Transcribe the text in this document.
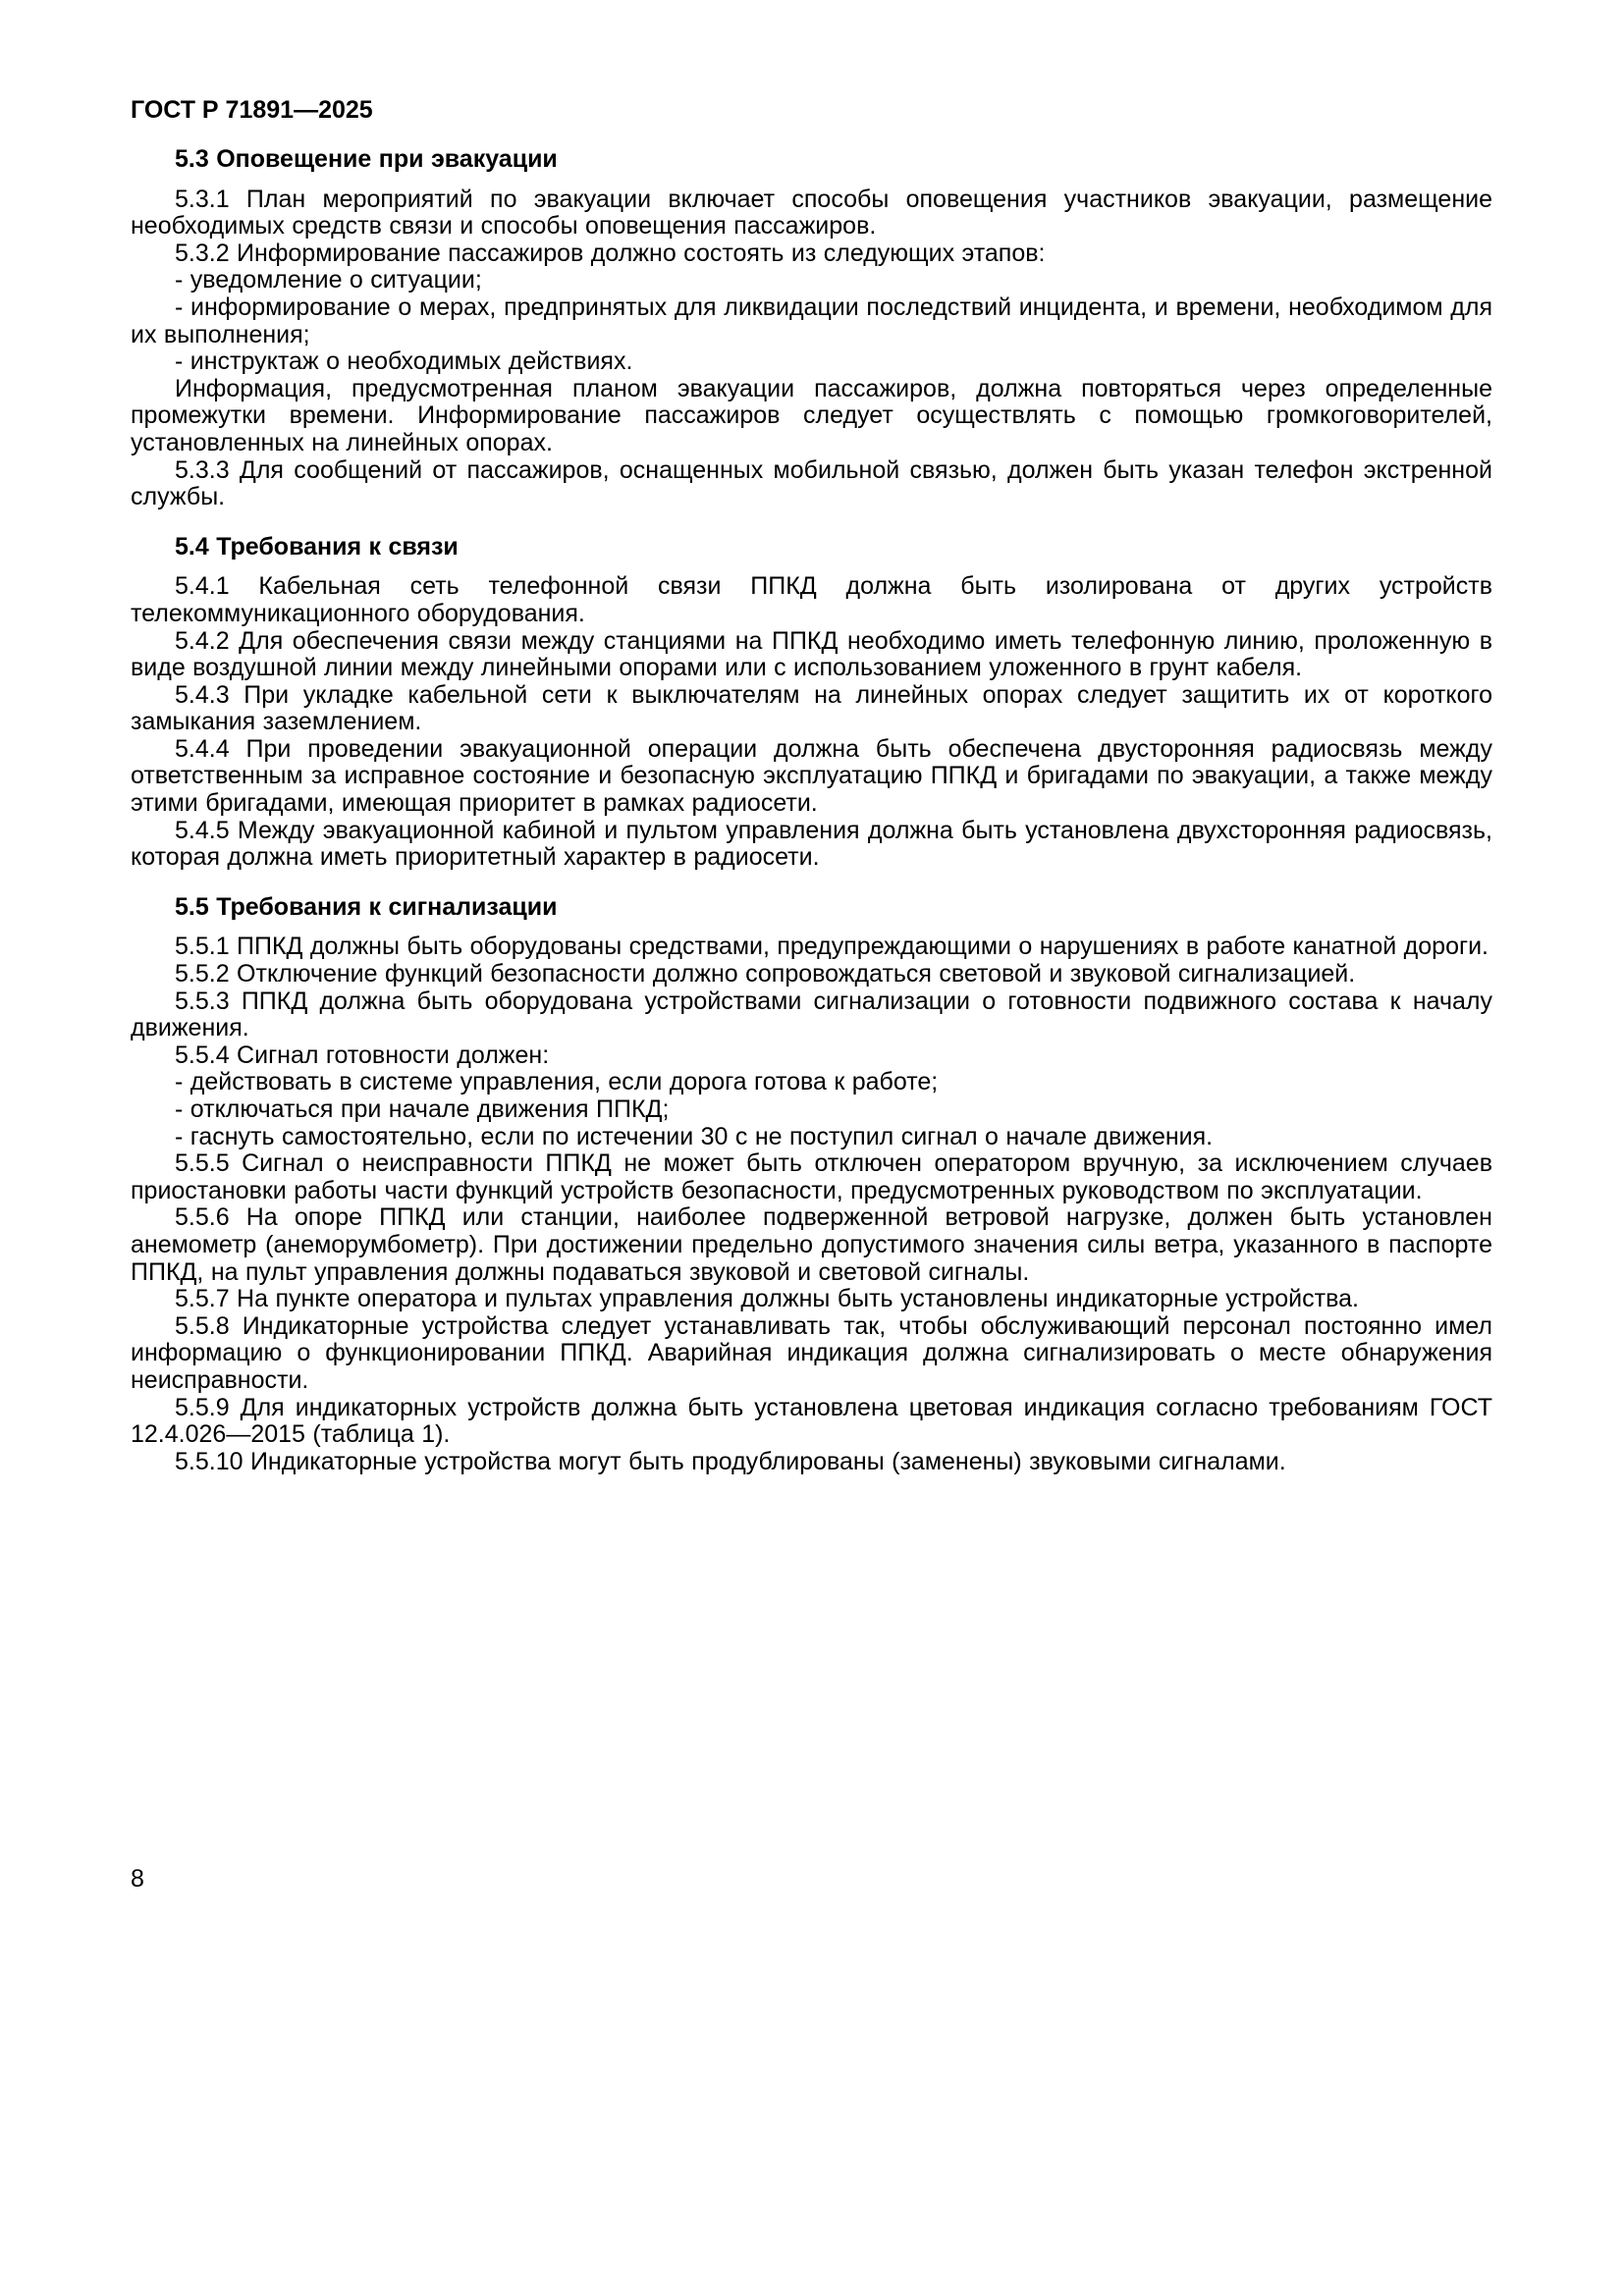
ГОСТ Р 71891—2025

5.3 Оповещение при эвакуации

5.3.1 План мероприятий по эвакуации включает способы оповещения участников эвакуации, размещение необходимых средств связи и способы оповещения пассажиров.

5.3.2 Информирование пассажиров должно состоять из следующих этапов:

- уведомление о ситуации;

- информирование о мерах, предпринятых для ликвидации последствий инцидента, и времени, необходимом для их выполнения;

- инструктаж о необходимых действиях.

Информация, предусмотренная планом эвакуации пассажиров, должна повторяться через определенные промежутки времени. Информирование пассажиров следует осуществлять с помощью громкоговорителей, установленных на линейных опорах.

5.3.3 Для сообщений от пассажиров, оснащенных мобильной связью, должен быть указан телефон экстренной службы.

5.4 Требования к связи

5.4.1 Кабельная сеть телефонной связи ППКД должна быть изолирована от других устройств телекоммуникационного оборудования.

5.4.2 Для обеспечения связи между станциями на ППКД необходимо иметь телефонную линию, проложенную в виде воздушной линии между линейными опорами или с использованием уложенного в грунт кабеля.

5.4.3 При укладке кабельной сети к выключателям на линейных опорах следует защитить их от короткого замыкания заземлением.

5.4.4 При проведении эвакуационной операции должна быть обеспечена двусторонняя радиосвязь между ответственным за исправное состояние и безопасную эксплуатацию ППКД и бригадами по эвакуации, а также между этими бригадами, имеющая приоритет в рамках радиосети.

5.4.5 Между эвакуационной кабиной и пультом управления должна быть установлена двухсторонняя радиосвязь, которая должна иметь приоритетный характер в радиосети.

5.5 Требования к сигнализации

5.5.1 ППКД должны быть оборудованы средствами, предупреждающими о нарушениях в работе канатной дороги.

5.5.2 Отключение функций безопасности должно сопровождаться световой и звуковой сигнализацией.

5.5.3 ППКД должна быть оборудована устройствами сигнализации о готовности подвижного состава к началу движения.

5.5.4 Сигнал готовности должен:

- действовать в системе управления, если дорога готова к работе;

- отключаться при начале движения ППКД;

- гаснуть самостоятельно, если по истечении 30 с не поступил сигнал о начале движения.

5.5.5 Сигнал о неисправности ППКД не может быть отключен оператором вручную, за исключением случаев приостановки работы части функций устройств безопасности, предусмотренных руководством по эксплуатации.

5.5.6 На опоре ППКД или станции, наиболее подверженной ветровой нагрузке, должен быть установлен анемометр (анеморумбометр). При достижении предельно допустимого значения силы ветра, указанного в паспорте ППКД, на пульт управления должны подаваться звуковой и световой сигналы.

5.5.7 На пункте оператора и пультах управления должны быть установлены индикаторные устройства.

5.5.8 Индикаторные устройства следует устанавливать так, чтобы обслуживающий персонал постоянно имел информацию о функционировании ППКД. Аварийная индикация должна сигнализировать о месте обнаружения неисправности.

5.5.9 Для индикаторных устройств должна быть установлена цветовая индикация согласно требованиям ГОСТ 12.4.026—2015 (таблица 1).

5.5.10 Индикаторные устройства могут быть продублированы (заменены) звуковыми сигналами.

8
